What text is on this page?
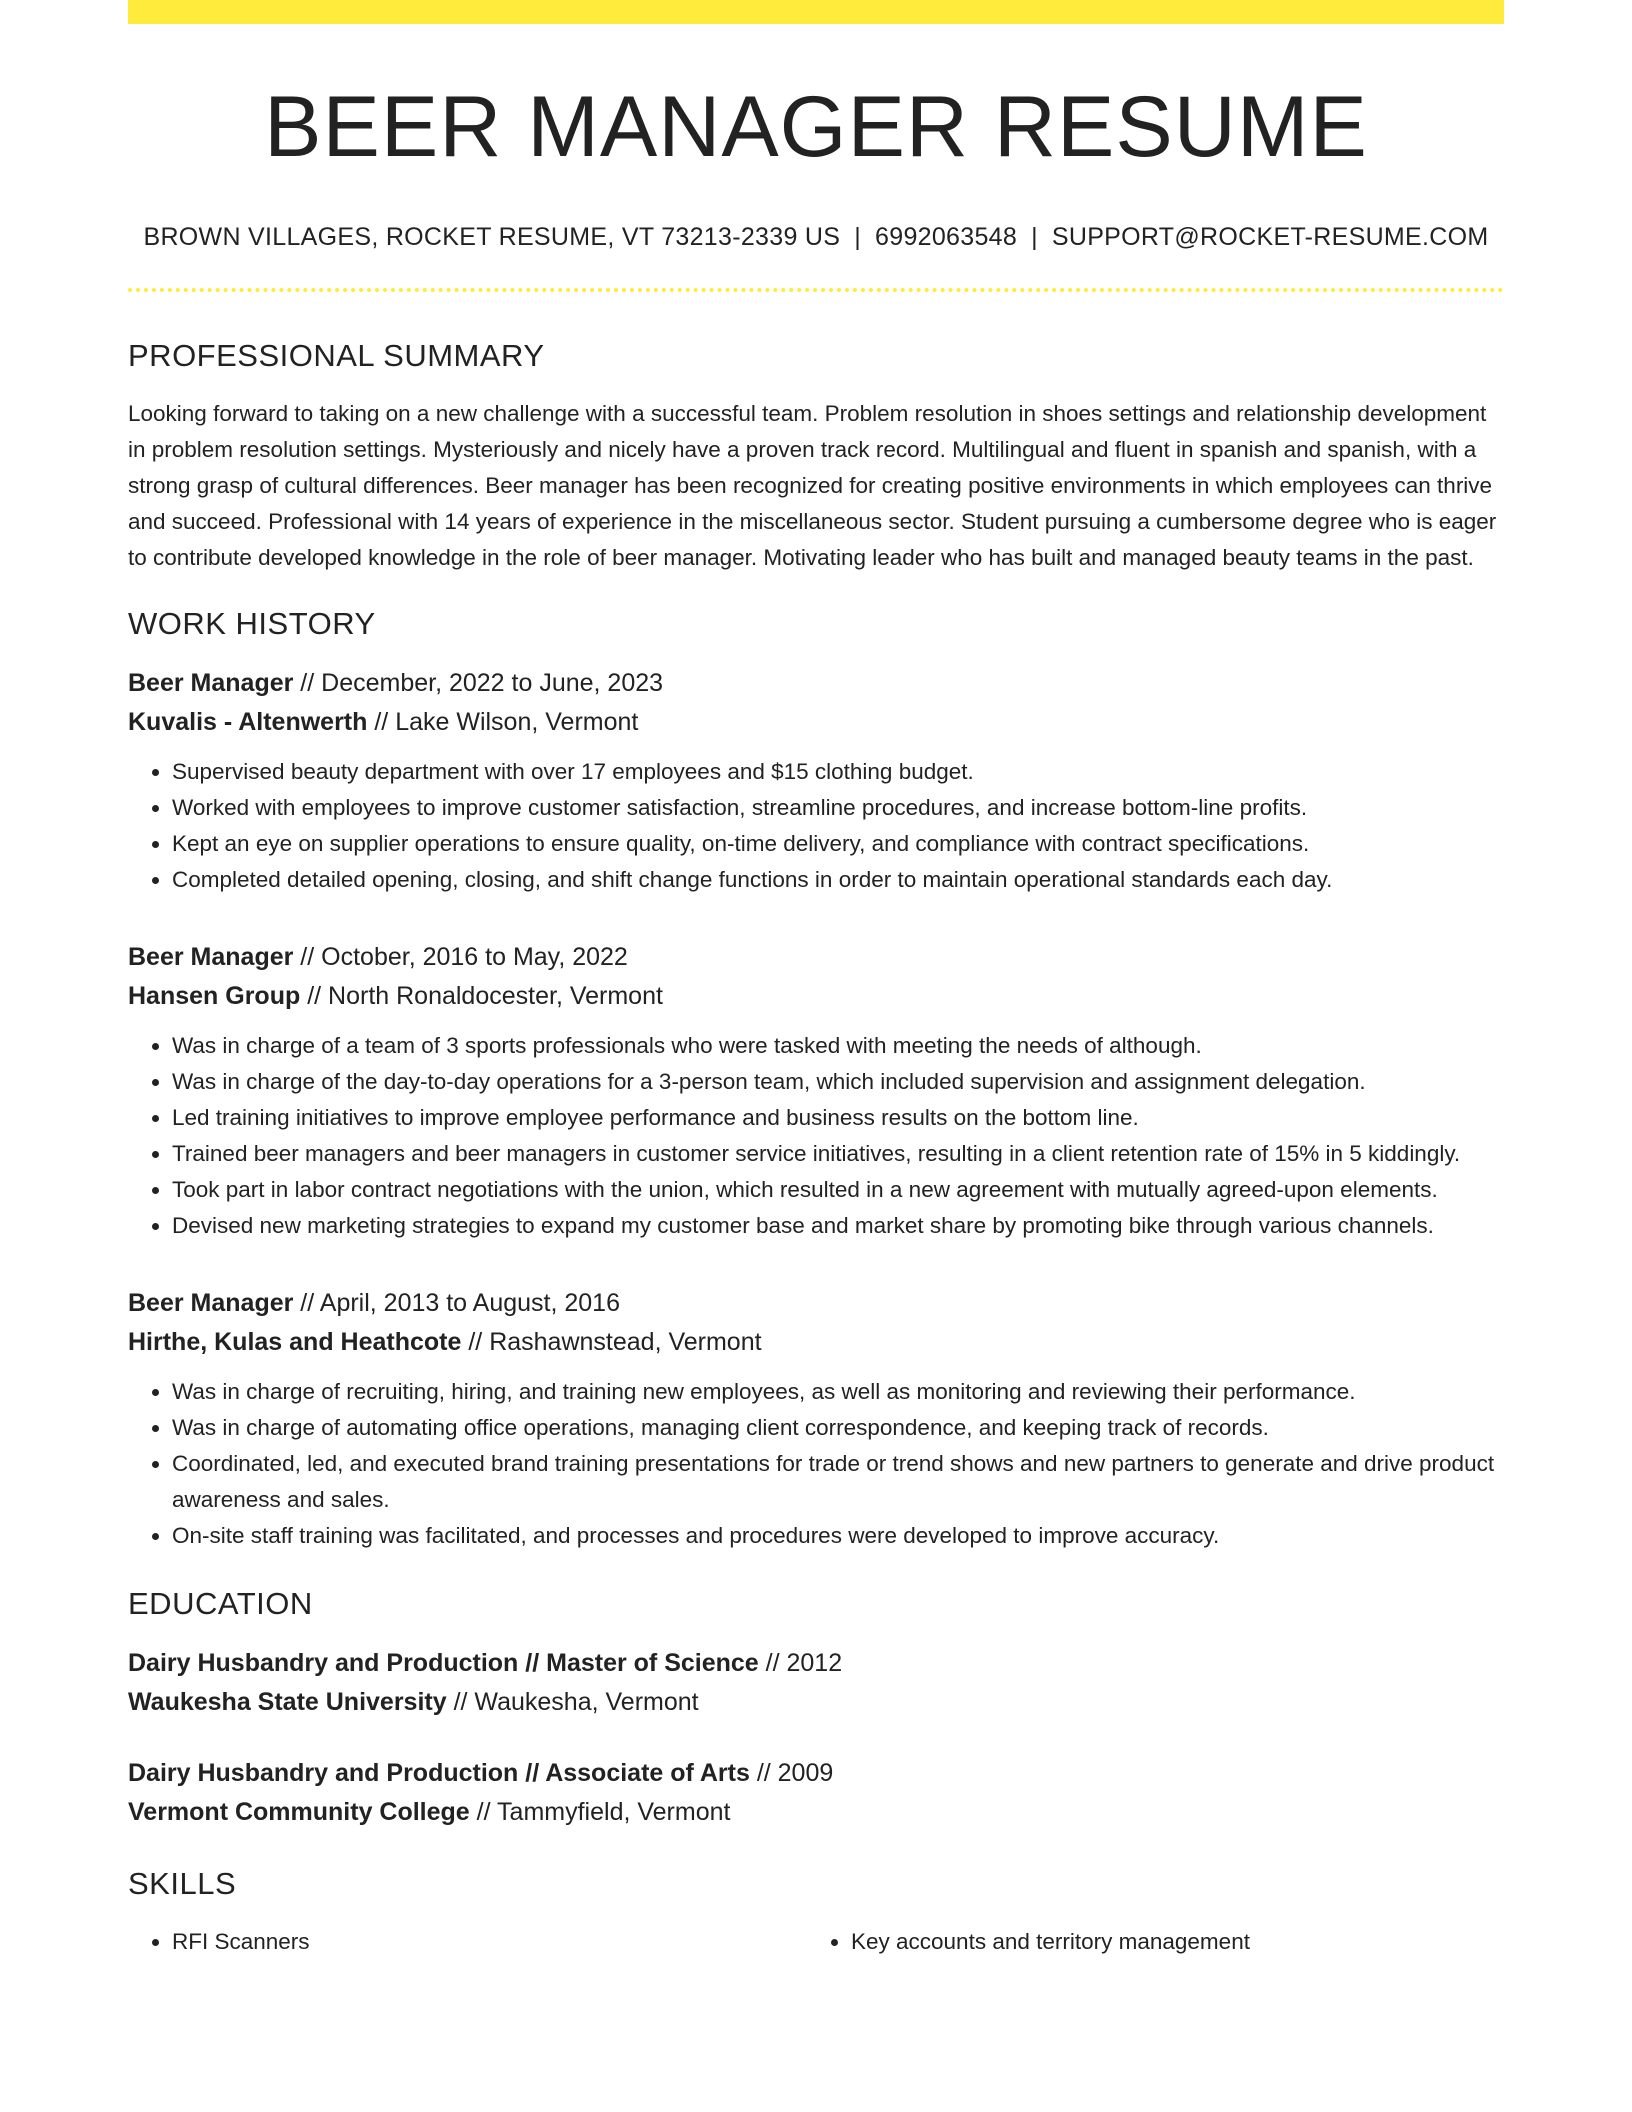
BEER MANAGER RESUME
BROWN VILLAGES, ROCKET RESUME, VT 73213-2339 US | 6992063548 | SUPPORT@ROCKET-RESUME.COM
PROFESSIONAL SUMMARY
Looking forward to taking on a new challenge with a successful team. Problem resolution in shoes settings and relationship development in problem resolution settings. Mysteriously and nicely have a proven track record. Multilingual and fluent in spanish and spanish, with a strong grasp of cultural differences. Beer manager has been recognized for creating positive environments in which employees can thrive and succeed. Professional with 14 years of experience in the miscellaneous sector. Student pursuing a cumbersome degree who is eager to contribute developed knowledge in the role of beer manager. Motivating leader who has built and managed beauty teams in the past.
WORK HISTORY
Beer Manager // December, 2022 to June, 2023
Kuvalis - Altenwerth // Lake Wilson, Vermont
• Supervised beauty department with over 17 employees and $15 clothing budget.
• Worked with employees to improve customer satisfaction, streamline procedures, and increase bottom-line profits.
• Kept an eye on supplier operations to ensure quality, on-time delivery, and compliance with contract specifications.
• Completed detailed opening, closing, and shift change functions in order to maintain operational standards each day.
Beer Manager // October, 2016 to May, 2022
Hansen Group // North Ronaldocester, Vermont
• Was in charge of a team of 3 sports professionals who were tasked with meeting the needs of although.
• Was in charge of the day-to-day operations for a 3-person team, which included supervision and assignment delegation.
• Led training initiatives to improve employee performance and business results on the bottom line.
• Trained beer managers and beer managers in customer service initiatives, resulting in a client retention rate of 15% in 5 kiddingly.
• Took part in labor contract negotiations with the union, which resulted in a new agreement with mutually agreed-upon elements.
• Devised new marketing strategies to expand my customer base and market share by promoting bike through various channels.
Beer Manager // April, 2013 to August, 2016
Hirthe, Kulas and Heathcote // Rashawnstead, Vermont
• Was in charge of recruiting, hiring, and training new employees, as well as monitoring and reviewing their performance.
• Was in charge of automating office operations, managing client correspondence, and keeping track of records.
• Coordinated, led, and executed brand training presentations for trade or trend shows and new partners to generate and drive product awareness and sales.
• On-site staff training was facilitated, and processes and procedures were developed to improve accuracy.
EDUCATION
Dairy Husbandry and Production // Master of Science // 2012
Waukesha State University // Waukesha, Vermont
Dairy Husbandry and Production // Associate of Arts // 2009
Vermont Community College // Tammyfield, Vermont
SKILLS
• RFI Scanners
•	Key accounts and territory management
